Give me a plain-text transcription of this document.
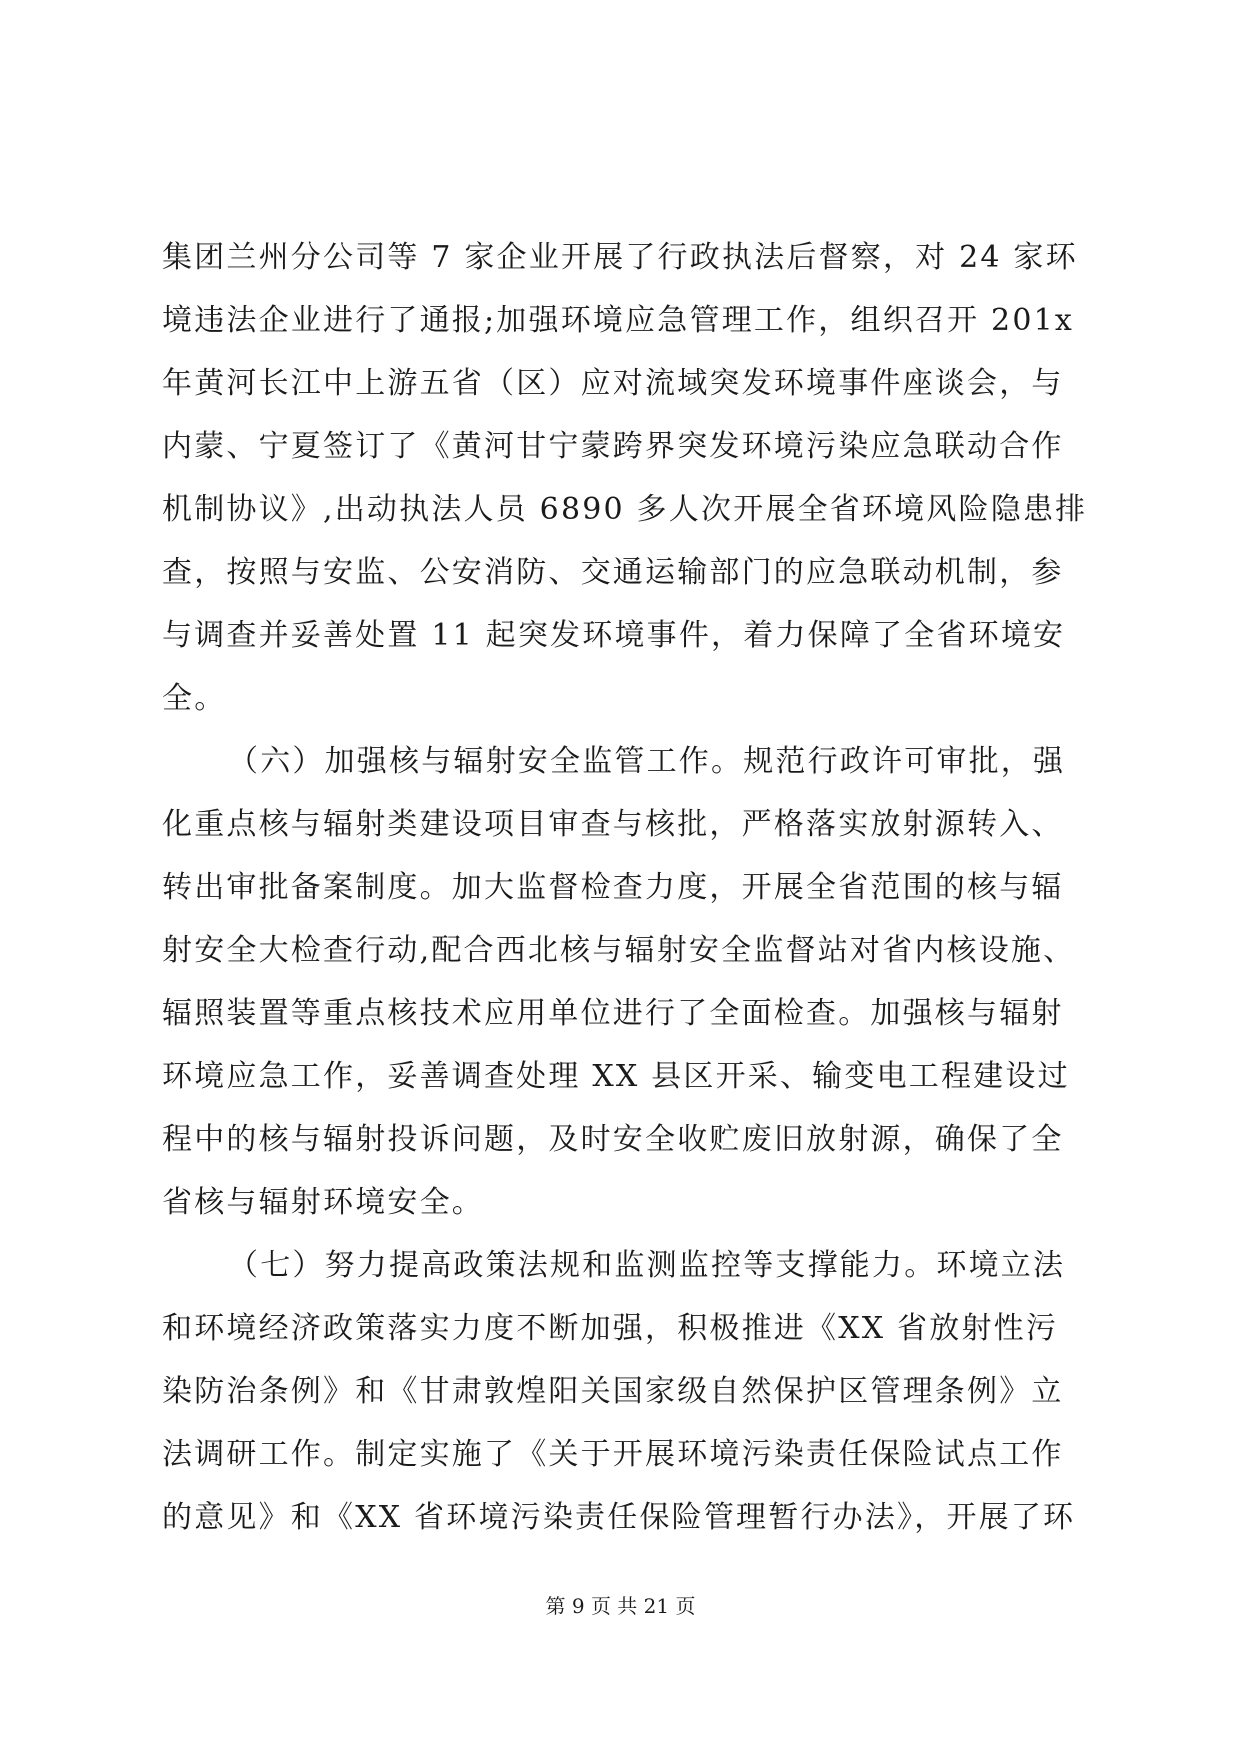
集团兰州分公司等 7 家企业开展了行政执法后督察，对 24 家环
境违法企业进行了通报;加强环境应急管理工作，组织召开 201x
年黄河长江中上游五省（区）应对流域突发环境事件座谈会，与
内蒙、宁夏签订了《黄河甘宁蒙跨界突发环境污染应急联动合作
机制协议》,出动执法人员 6890 多人次开展全省环境风险隐患排
查，按照与安监、公安消防、交通运输部门的应急联动机制，参
与调查并妥善处置 11 起突发环境事件，着力保障了全省环境安
全。
（六）加强核与辐射安全监管工作。规范行政许可审批，强
化重点核与辐射类建设项目审查与核批，严格落实放射源转入、
转出审批备案制度。加大监督检查力度，开展全省范围的核与辐
射安全大检查行动,配合西北核与辐射安全监督站对省内核设施、
辐照装置等重点核技术应用单位进行了全面检查。加强核与辐射
环境应急工作，妥善调查处理 XX 县区开采、输变电工程建设过
程中的核与辐射投诉问题，及时安全收贮废旧放射源，确保了全
省核与辐射环境安全。
（七）努力提高政策法规和监测监控等支撑能力。环境立法
和环境经济政策落实力度不断加强，积极推进《XX 省放射性污
染防治条例》和《甘肃敦煌阳关国家级自然保护区管理条例》立
法调研工作。制定实施了《关于开展环境污染责任保险试点工作
的意见》和《XX 省环境污染责任保险管理暂行办法》，开展了环
第 9 页 共 21 页
